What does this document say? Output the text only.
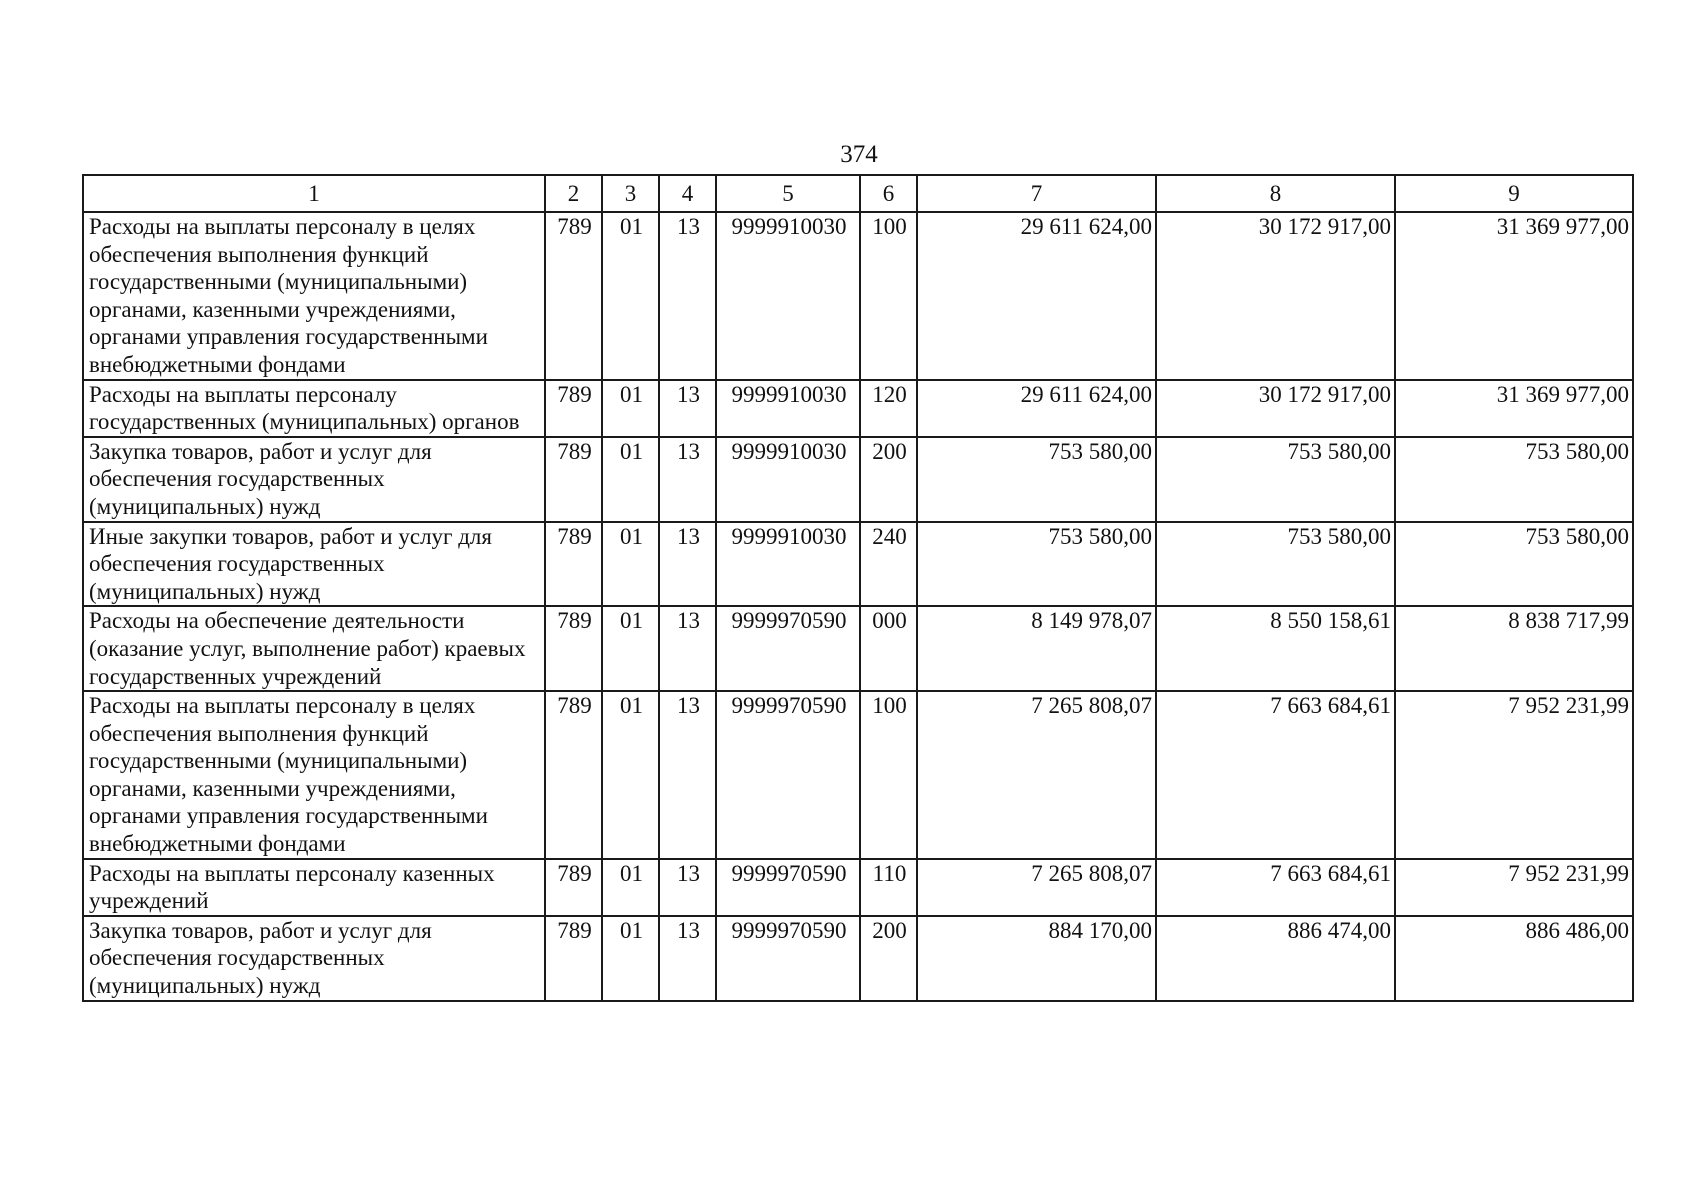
374
1	2	3	4	5	6	7	8	9
Расходы на выплаты персоналу в целях обеспечения выполнения функций государственными (муниципальными) органами, казенными учреждениями, органами управления государственными внебюджетными фондами	789	01	13	9999910030	100	29 611 624,00	30 172 917,00	31 369 977,00
Расходы на выплаты персоналу государственных (муниципальных) органов	789	01	13	9999910030	120	29 611 624,00	30 172 917,00	31 369 977,00
Закупка товаров, работ и услуг для обеспечения государственных (муниципальных) нужд	789	01	13	9999910030	200	753 580,00	753 580,00	753 580,00
Иные закупки товаров, работ и услуг для обеспечения государственных (муниципальных) нужд	789	01	13	9999910030	240	753 580,00	753 580,00	753 580,00
Расходы на обеспечение деятельности (оказание услуг, выполнение работ) краевых государственных учреждений	789	01	13	9999970590	000	8 149 978,07	8 550 158,61	8 838 717,99
Расходы на выплаты персоналу в целях обеспечения выполнения функций государственными (муниципальными) органами, казенными учреждениями, органами управления государственными внебюджетными фондами	789	01	13	9999970590	100	7 265 808,07	7 663 684,61	7 952 231,99
Расходы на выплаты персоналу казенных учреждений	789	01	13	9999970590	110	7 265 808,07	7 663 684,61	7 952 231,99
Закупка товаров, работ и услуг для обеспечения государственных (муниципальных) нужд	789	01	13	9999970590	200	884 170,00	886 474,00	886 486,00
